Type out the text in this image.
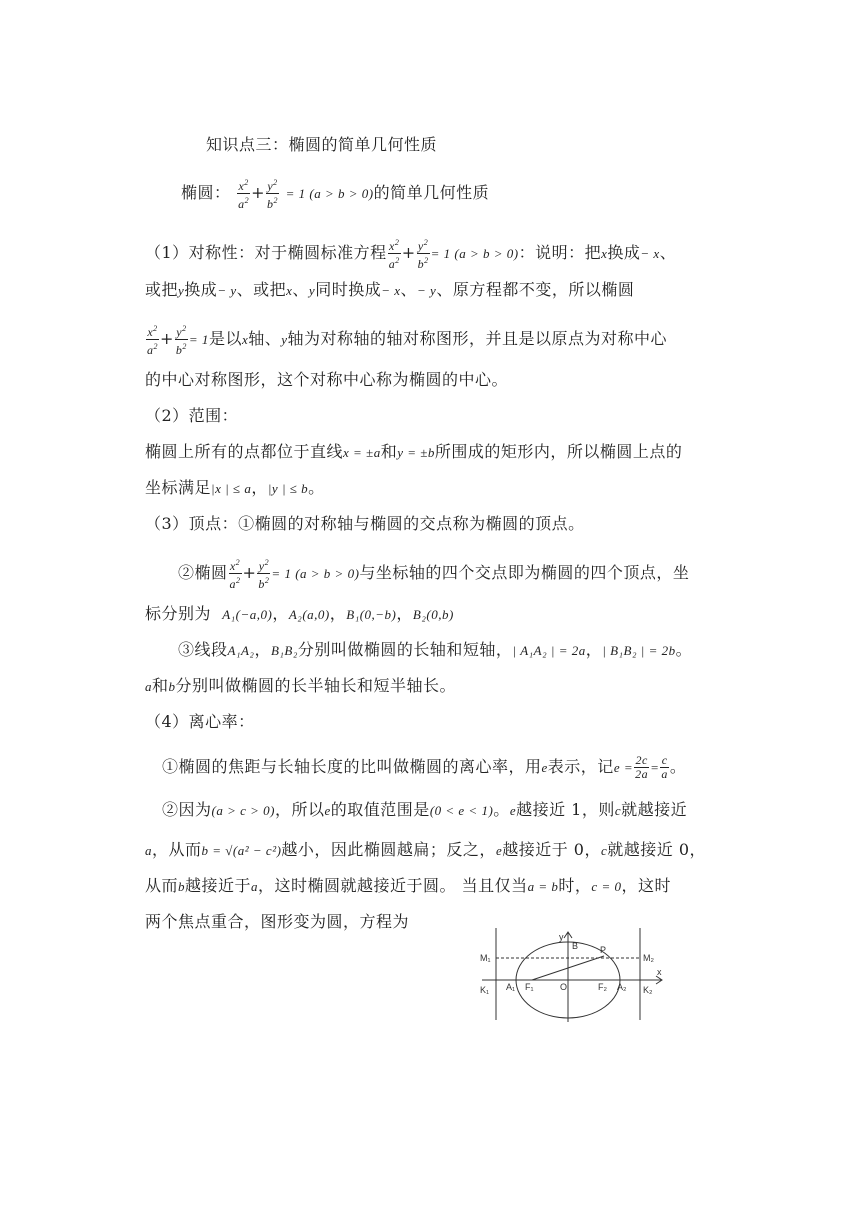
知识点三：椭圆的简单几何性质
椭圆： $\frac{x^2}{a^2} + \frac{y^2}{b^2} = 1$ (a > b > 0)的简单几何性质
（1）对称性：对于椭圆标准方程 $\frac{x^2}{a^2} + \frac{y^2}{b^2} = 1$ (a > b > 0)：说明：把x换成− x、
或把y换成− y、或把x、y同时换成− x、− y、原方程都不变，所以椭圆
$\frac{x^2}{a^2} + \frac{y^2}{b^2} = 1$是以x轴、y轴为对称轴的轴对称图形，并且是以原点为对称中心
的中心对称图形，这个对称中心称为椭圆的中心。
（2）范围：
椭圆上所有的点都位于直线x = ±a和y = ±b所围成的矩形内，所以椭圆上点的
坐标满足|x | ≤ a，|y | ≤ b。
（3）顶点：①椭圆的对称轴与椭圆的交点称为椭圆的顶点。
②椭圆 $\frac{x^2}{a^2} + \frac{y^2}{b^2} = 1$ (a > b > 0)与坐标轴的四个交点即为椭圆的四个顶点，坐
标分别为 A₁(−a,0)，A₂(a,0)，B₁(0,−b)，B₂(0,b)
③线段A₁A₂，B₁B₂分别叫做椭圆的长轴和短轴，| A₁A₂ | = 2a，| B₁B₂ | = 2b。
a和b分别叫做椭圆的长半轴长和短半轴长。
（4）离心率：
①椭圆的焦距与长轴长度的比叫做椭圆的离心率，用e表示，记$e = \frac{2c}{2a} = \frac{c}{a}$ 。
②因为(a > c > 0)，所以e的取值范围是(0 < e < 1)。e越接近 1，则c就越接近
a，从而b = √(a² − c²)越小，因此椭圆越扁；反之，e越接近于 0，c就越接近 0，
从而b越接近于a，这时椭圆就越接近于圆。 当且仅当a = b时，c = 0，这时
两个焦点重合，图形变为圆，方程为
y
x
B P
M₁	M₂
K₁	K₂
A₁ F₁	O	F₂ A₂
